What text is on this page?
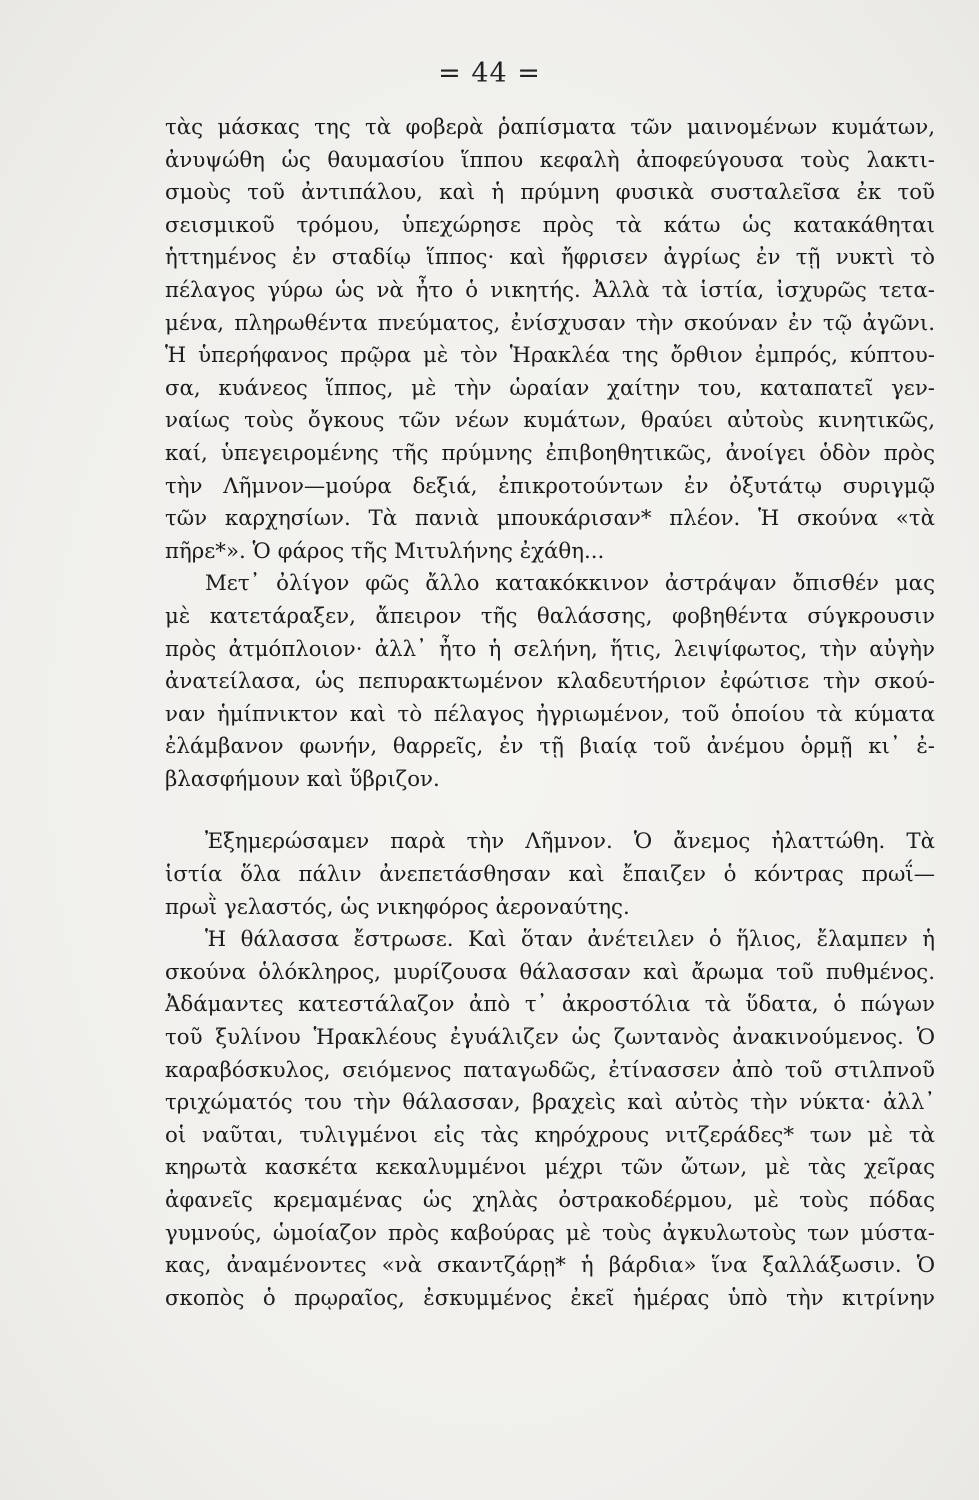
= 44 =
τὰς μάσκας της τὰ φοβερὰ ῥαπίσματα τῶν μαινομένων κυμάτων,
ἀνυψώθη ὡς θαυμασίου ἵππου κεφαλὴ ἀποφεύγουσα τοὺς λακτι-
σμοὺς τοῦ ἀντιπάλου, καὶ ἡ πρύμνη φυσικὰ συσταλεῖσα ἐκ τοῦ
σεισμικοῦ τρόμου, ὑπεχώρησε πρὸς τὰ κάτω ὡς κατακάθηται
ἡττημένος ἐν σταδίῳ ἵππος· καὶ ἤφρισεν ἀγρίως ἐν τῇ νυκτὶ τὸ
πέλαγος γύρω ὡς νὰ ἦτο ὁ νικητής. Ἀλλὰ τὰ ἱστία, ἰσχυρῶς τετα-
μένα, πληρωθέντα πνεύματος, ἐνίσχυσαν τὴν σκούναν ἐν τῷ ἀγῶνι.
Ἡ ὑπερήφανος πρῷρα μὲ τὸν Ἡρακλέα της ὄρθιον ἐμπρός, κύπτου-
σα, κυάνεος ἵππος, μὲ τὴν ὡραίαν χαίτην του, καταπατεῖ γεν-
ναίως τοὺς ὄγκους τῶν νέων κυμάτων, θραύει αὐτοὺς κινητικῶς,
καί, ὑπεγειρομένης τῆς πρύμνης ἐπιβοηθητικῶς, ἀνοίγει ὁδὸν πρὸς
τὴν Λῆμνον—μούρα δεξιά, ἐπικροτούντων ἐν ὀξυτάτῳ συριγμῷ
τῶν καρχησίων. Τὰ πανιὰ μπουκάρισαν* πλέον. Ἡ σκούνα «τὰ
πῆρε*». Ὁ φάρος τῆς Μιτυλήνης ἐχάθη...
Μετ᾽ ὀλίγον φῶς ἄλλο κατακόκκινον ἀστράψαν ὄπισθέν μας
μὲ κατετάραξεν, ἄπειρον τῆς θαλάσσης, φοβηθέντα σύγκρουσιν
πρὸς ἀτμόπλοιον· ἀλλ᾽ ἦτο ἡ σελήνη, ἥτις, λειψίφωτος, τὴν αὐγὴν
ἀνατείλασα, ὡς πεπυρακτωμένον κλαδευτήριον ἐφώτισε τὴν σκού-
ναν ἡμίπνικτον καὶ τὸ πέλαγος ἠγριωμένον, τοῦ ὁποίου τὰ κύματα
ἐλάμβανον φωνήν, θαρρεῖς, ἐν τῇ βιαίᾳ τοῦ ἀνέμου ὁρμῇ κι᾽ ἐ-
βλασφήμουν καὶ ὕβριζον.
Ἐξημερώσαμεν παρὰ τὴν Λῆμνον. Ὁ ἄνεμος ἠλαττώθη. Τὰ
ἱστία ὅλα πάλιν ἀνεπετάσθησαν καὶ ἔπαιζεν ὁ κόντρας πρωΐ—
πρωῒ γελαστός, ὡς νικηφόρος ἀεροναύτης.
Ἡ θάλασσα ἔστρωσε. Καὶ ὅταν ἀνέτειλεν ὁ ἥλιος, ἔλαμπεν ἡ
σκούνα ὁλόκληρος, μυρίζουσα θάλασσαν καὶ ἄρωμα τοῦ πυθμένος.
Ἀδάμαντες κατεστάλαζον ἀπὸ τ᾽ ἀκροστόλια τὰ ὕδατα, ὁ πώγων
τοῦ ξυλίνου Ἡρακλέους ἐγυάλιζεν ὡς ζωντανὸς ἀνακινούμενος. Ὁ
καραβόσκυλος, σειόμενος παταγωδῶς, ἐτίνασσεν ἀπὸ τοῦ στιλπνοῦ
τριχώματός του τὴν θάλασσαν, βραχεὶς καὶ αὐτὸς τὴν νύκτα· ἀλλ᾽
οἱ ναῦται, τυλιγμένοι εἰς τὰς κηρόχρους νιτζεράδες* των μὲ τὰ
κηρωτὰ κασκέτα κεκαλυμμένοι μέχρι τῶν ὤτων, μὲ τὰς χεῖρας
ἀφανεῖς κρεμαμένας ὡς χηλὰς ὀστρακοδέρμου, μὲ τοὺς πόδας
γυμνούς, ὡμοίαζον πρὸς καβούρας μὲ τοὺς ἀγκυλωτοὺς των μύστα-
κας, ἀναμένοντες «νὰ σκαντζάρῃ* ἡ βάρδια» ἵνα ξαλλάξωσιν. Ὁ
σκοπὸς ὁ πρῳραῖος, ἐσκυμμένος ἐκεῖ ἡμέρας ὑπὸ τὴν κιτρίνην
